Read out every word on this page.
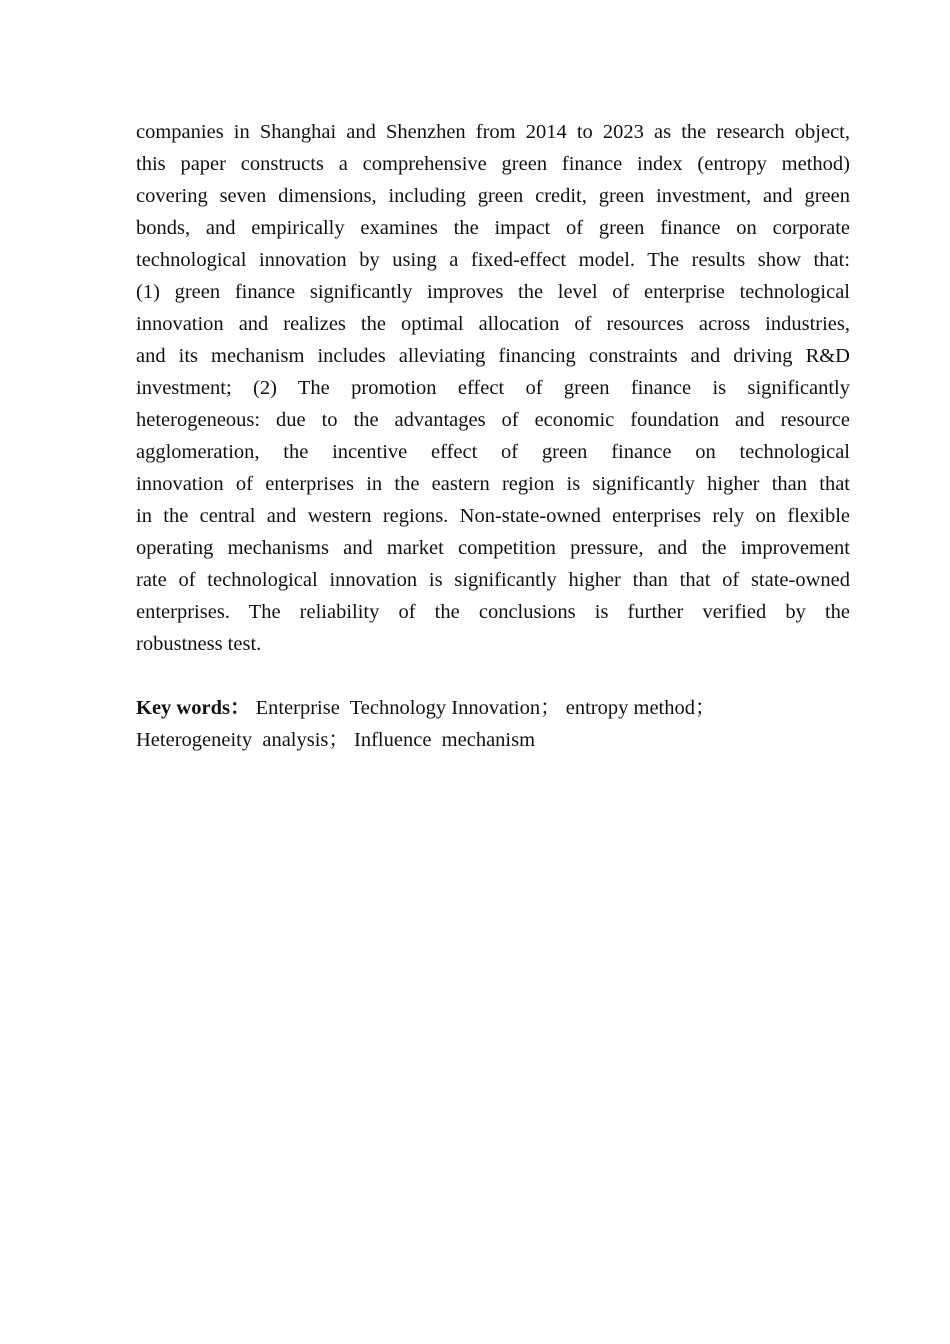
companies in Shanghai and Shenzhen from 2014 to 2023 as the research object,
this paper constructs a comprehensive green finance index (entropy method)
covering seven dimensions, including green credit, green investment, and green
bonds, and empirically examines the impact of green finance on corporate
technological innovation by using a fixed-effect model. The results show that:
(1) green finance significantly improves the level of enterprise technological
innovation and realizes the optimal allocation of resources across industries,
and its mechanism includes alleviating financing constraints and driving R&D
investment; (2) The promotion effect of green finance is significantly
heterogeneous: due to the advantages of economic foundation and resource
agglomeration, the incentive effect of green finance on technological
innovation of enterprises in the eastern region is significantly higher than that
in the central and western regions. Non-state-owned enterprises rely on flexible
operating mechanisms and market competition pressure, and the improvement
rate of technological innovation is significantly higher than that of state-owned
enterprises. The reliability of the conclusions is further verified by the
robustness test.
Key words： Enterprise  Technology Innovation； entropy method；
Heterogeneity  analysis； Influence  mechanism
